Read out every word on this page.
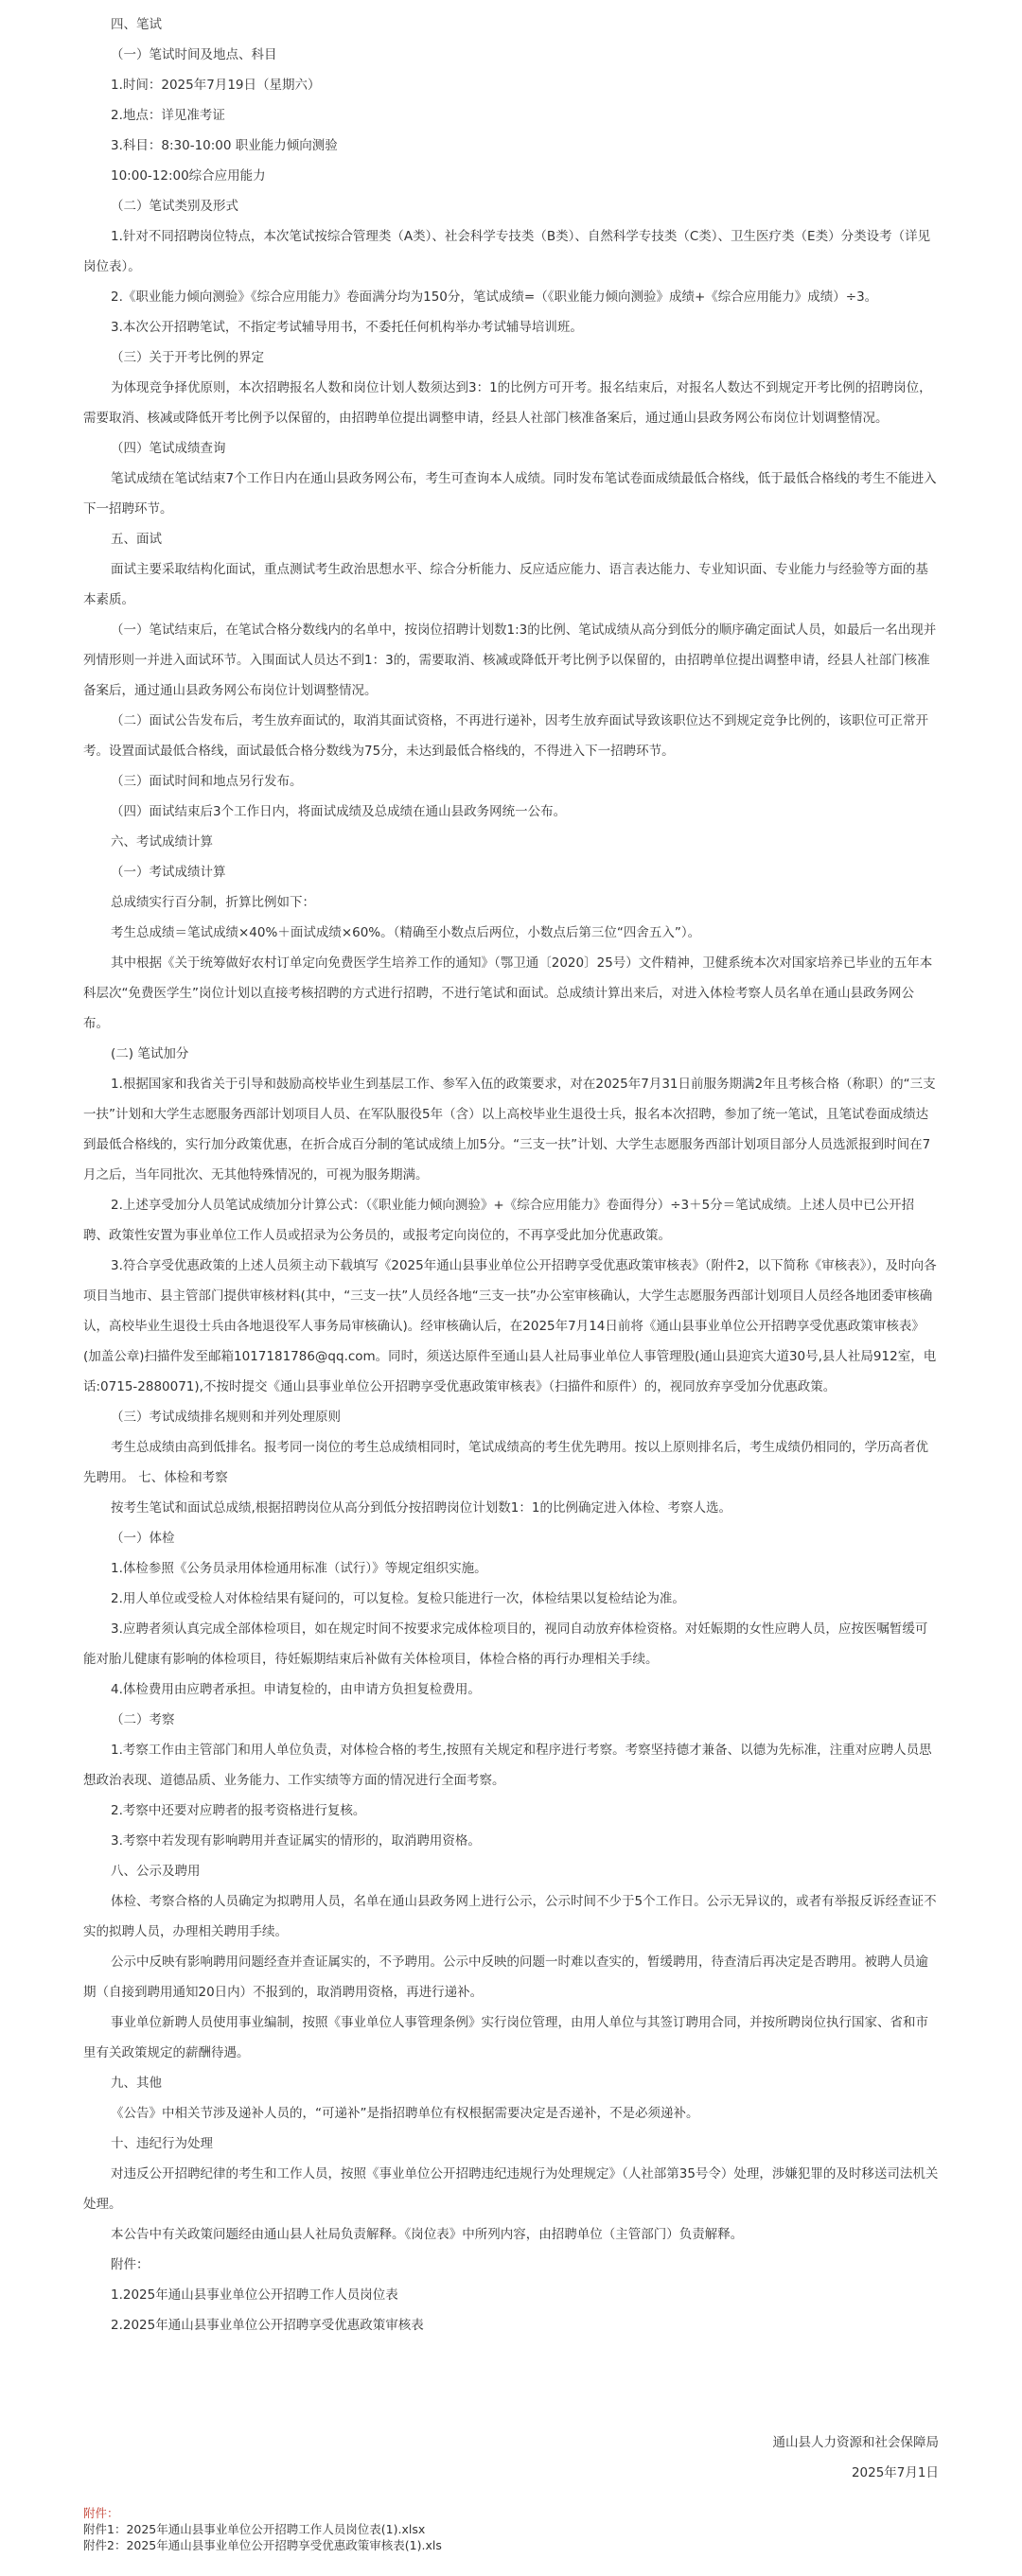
四、笔试

（一）笔试时间及地点、科目

1.时间：2025年7月19日（星期六）

2.地点：详见准考证

3.科目：8:30-10:00 职业能力倾向测验

10:00-12:00综合应用能力

（二）笔试类别及形式

1.针对不同招聘岗位特点，本次笔试按综合管理类（A类）、社会科学专技类（B类）、自然科学专技类（C类）、卫生医疗类（E类）分类设考（详见岗位表）。

2.《职业能力倾向测验》《综合应用能力》卷面满分均为150分，笔试成绩=（《职业能力倾向测验》成绩+《综合应用能力》成绩）÷3。

3.本次公开招聘笔试，不指定考试辅导用书，不委托任何机构举办考试辅导培训班。

（三）关于开考比例的界定

为体现竞争择优原则，本次招聘报名人数和岗位计划人数须达到3：1的比例方可开考。报名结束后，对报名人数达不到规定开考比例的招聘岗位，需要取消、核减或降低开考比例予以保留的，由招聘单位提出调整申请，经县人社部门核准备案后，通过通山县政务网公布岗位计划调整情况。

（四）笔试成绩查询

笔试成绩在笔试结束7个工作日内在通山县政务网公布，考生可查询本人成绩。同时发布笔试卷面成绩最低合格线，低于最低合格线的考生不能进入下一招聘环节。

五、面试

面试主要采取结构化面试，重点测试考生政治思想水平、综合分析能力、反应适应能力、语言表达能力、专业知识面、专业能力与经验等方面的基本素质。

（一）笔试结束后，在笔试合格分数线内的名单中，按岗位招聘计划数1:3的比例、笔试成绩从高分到低分的顺序确定面试人员，如最后一名出现并列情形则一并进入面试环节。入围面试人员达不到1：3的，需要取消、核减或降低开考比例予以保留的，由招聘单位提出调整申请，经县人社部门核准备案后，通过通山县政务网公布岗位计划调整情况。

（二）面试公告发布后，考生放弃面试的，取消其面试资格，不再进行递补，因考生放弃面试导致该职位达不到规定竞争比例的，该职位可正常开考。设置面试最低合格线，面试最低合格分数线为75分，未达到最低合格线的，不得进入下一招聘环节。

（三）面试时间和地点另行发布。

（四）面试结束后3个工作日内，将面试成绩及总成绩在通山县政务网统一公布。

六、考试成绩计算

（一）考试成绩计算

总成绩实行百分制，折算比例如下：

考生总成绩＝笔试成绩×40%＋面试成绩×60%。（精确至小数点后两位，小数点后第三位“四舍五入”）。

其中根据《关于统筹做好农村订单定向免费医学生培养工作的通知》（鄂卫通〔2020〕25号）文件精神，卫健系统本次对国家培养已毕业的五年本科层次“免费医学生”岗位计划以直接考核招聘的方式进行招聘，不进行笔试和面试。总成绩计算出来后，对进入体检考察人员名单在通山县政务网公布。

(二) 笔试加分

1.根据国家和我省关于引导和鼓励高校毕业生到基层工作、参军入伍的政策要求，对在2025年7月31日前服务期满2年且考核合格（称职）的“三支一扶”计划和大学生志愿服务西部计划项目人员、在军队服役5年（含）以上高校毕业生退役士兵，报名本次招聘，参加了统一笔试，且笔试卷面成绩达到最低合格线的，实行加分政策优惠，在折合成百分制的笔试成绩上加5分。“三支一扶”计划、大学生志愿服务西部计划项目部分人员选派报到时间在7月之后，当年同批次、无其他特殊情况的，可视为服务期满。

2.上述享受加分人员笔试成绩加分计算公式：（《职业能力倾向测验》+《综合应用能力》卷面得分）÷3＋5分＝笔试成绩。上述人员中已公开招聘、政策性安置为事业单位工作人员或招录为公务员的，或报考定向岗位的，不再享受此加分优惠政策。

3.符合享受优惠政策的上述人员须主动下载填写《2025年通山县事业单位公开招聘享受优惠政策审核表》（附件2，以下简称《审核表》），及时向各项目当地市、县主管部门提供审核材料(其中，“三支一扶”人员经各地“三支一扶”办公室审核确认，大学生志愿服务西部计划项目人员经各地团委审核确认，高校毕业生退役士兵由各地退役军人事务局审核确认)。经审核确认后，在2025年7月14日前将《通山县事业单位公开招聘享受优惠政策审核表》(加盖公章)扫描件发至邮箱1017181786@qq.com。同时，须送达原件至通山县人社局事业单位人事管理股(通山县迎宾大道30号,县人社局912室，电话:0715-2880071),不按时提交《通山县事业单位公开招聘享受优惠政策审核表》（扫描件和原件）的，视同放弃享受加分优惠政策。

（三）考试成绩排名规则和并列处理原则

考生总成绩由高到低排名。报考同一岗位的考生总成绩相同时，笔试成绩高的考生优先聘用。按以上原则排名后，考生成绩仍相同的，学历高者优先聘用。 七、体检和考察

按考生笔试和面试总成绩,根据招聘岗位从高分到低分按招聘岗位计划数1：1的比例确定进入体检、考察人选。

（一）体检

1.体检参照《公务员录用体检通用标准（试行）》等规定组织实施。

2.用人单位或受检人对体检结果有疑问的，可以复检。复检只能进行一次，体检结果以复检结论为准。

3.应聘者须认真完成全部体检项目，如在规定时间不按要求完成体检项目的，视同自动放弃体检资格。对妊娠期的女性应聘人员，应按医嘱暂缓可能对胎儿健康有影响的体检项目，待妊娠期结束后补做有关体检项目，体检合格的再行办理相关手续。

4.体检费用由应聘者承担。申请复检的，由申请方负担复检费用。

（二）考察

1.考察工作由主管部门和用人单位负责，对体检合格的考生,按照有关规定和程序进行考察。考察坚持德才兼备、以德为先标准，注重对应聘人员思想政治表现、道德品质、业务能力、工作实绩等方面的情况进行全面考察。

2.考察中还要对应聘者的报考资格进行复核。

3.考察中若发现有影响聘用并查证属实的情形的，取消聘用资格。

八、公示及聘用

体检、考察合格的人员确定为拟聘用人员，名单在通山县政务网上进行公示，公示时间不少于5个工作日。公示无异议的，或者有举报反诉经查证不实的拟聘人员，办理相关聘用手续。

公示中反映有影响聘用问题经查并查证属实的，不予聘用。公示中反映的问题一时难以查实的，暂缓聘用，待查清后再决定是否聘用。被聘人员逾期（自接到聘用通知20日内）不报到的，取消聘用资格，再进行递补。

事业单位新聘人员使用事业编制，按照《事业单位人事管理条例》实行岗位管理，由用人单位与其签订聘用合同，并按所聘岗位执行国家、省和市里有关政策规定的薪酬待遇。

九、其他

《公告》中相关节涉及递补人员的，“可递补”是指招聘单位有权根据需要决定是否递补，不是必须递补。

十、违纪行为处理

对违反公开招聘纪律的考生和工作人员，按照《事业单位公开招聘违纪违规行为处理规定》（人社部第35号令）处理，涉嫌犯罪的及时移送司法机关处理。

本公告中有关政策问题经由通山县人社局负责解释。《岗位表》中所列内容，由招聘单位（主管部门）负责解释。

附件：

1.2025年通山县事业单位公开招聘工作人员岗位表

2.2025年通山县事业单位公开招聘享受优惠政策审核表

通山县人力资源和社会保障局

2025年7月1日

附件：
附件1：2025年通山县事业单位公开招聘工作人员岗位表(1).xlsx
附件2：2025年通山县事业单位公开招聘享受优惠政策审核表(1).xls
